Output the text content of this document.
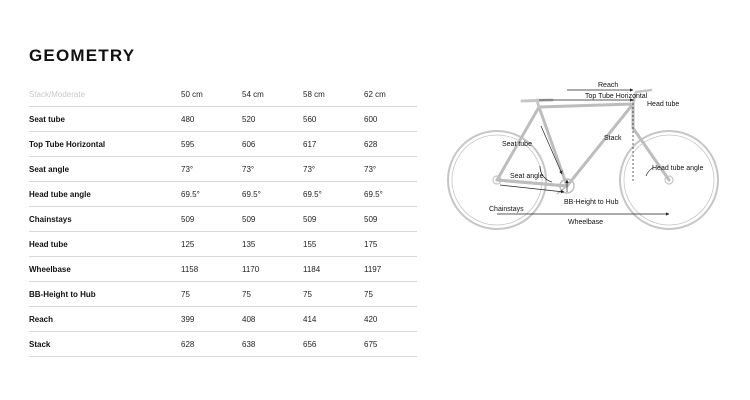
GEOMETRY
Stack/Moderate	50 cm	54 cm	58 cm	62 cm
Seat tube	480	520	560	600
Top Tube Horizontal	595	606	617	628
Seat angle	73°	73°	73°	73°
Head tube angle	69.5°	69.5°	69.5°	69.5°
Chainstays	509	509	509	509
Head tube	125	135	155	175
Wheelbase	1158	1170	1184	1197
BB-Height to Hub	75	75	75	75
Reach	399	408	414	420
Stack	628	638	656	675
Reach
Top Tube Horizontal
Head tube
Seat tube
Stack
Seat angle
Head tube angle
Chainstays
BB-Height to Hub
Wheelbase
